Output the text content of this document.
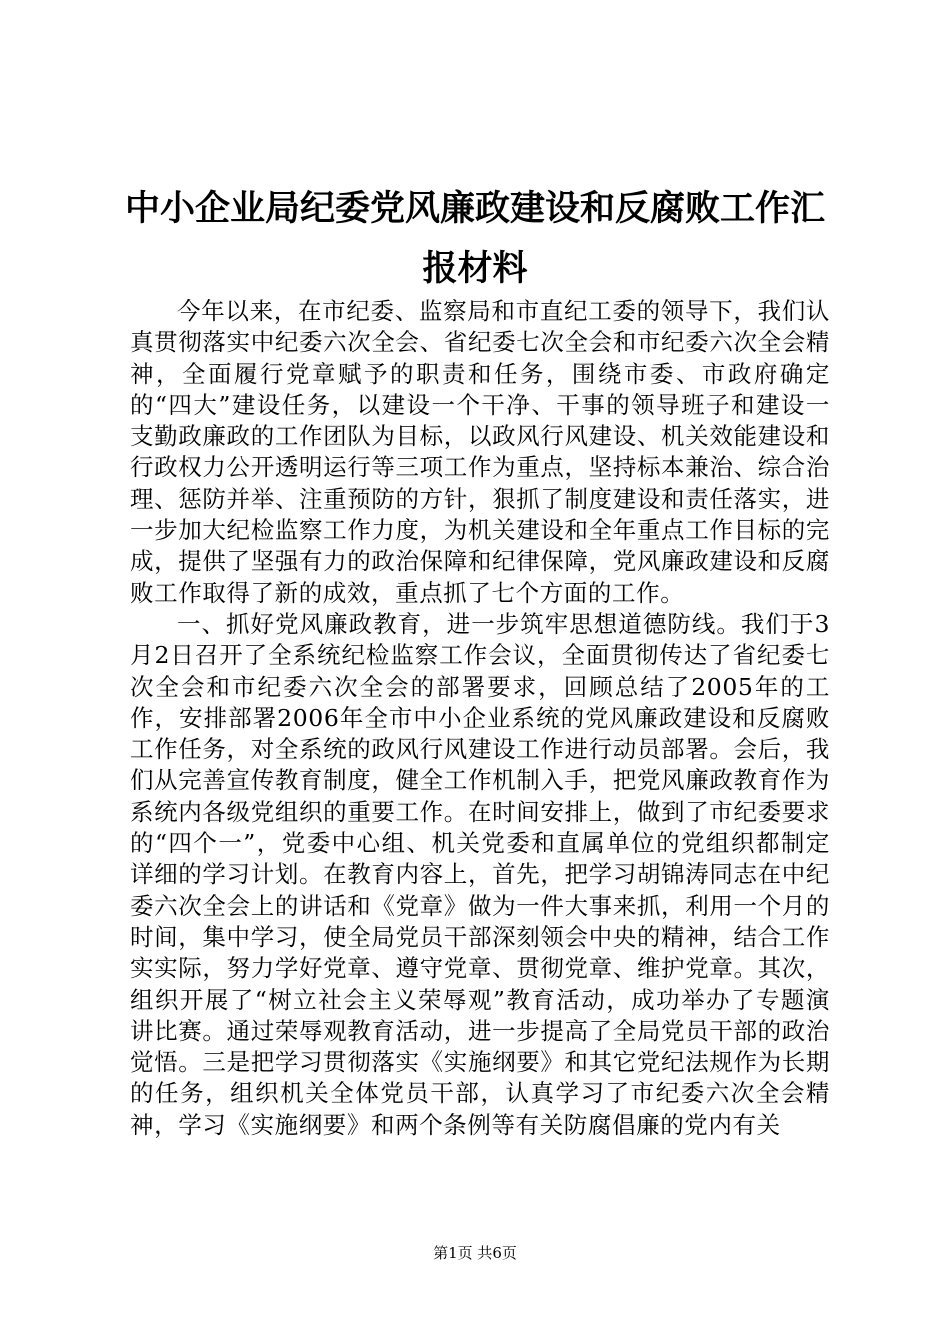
中小企业局纪委党风廉政建设和反腐败工作汇
报材料

今年以来，在市纪委、监察局和市直纪工委的领导下，我们认真贯彻落实中纪委六次全会、省纪委七次全会和市纪委六次全会精神，全面履行党章赋予的职责和任务，围绕市委、市政府确定的“四大”建设任务，以建设一个干净、干事的领导班子和建设一支勤政廉政的工作团队为目标，以政风行风建设、机关效能建设和行政权力公开透明运行等三项工作为重点，坚持标本兼治、综合治理、惩防并举、注重预防的方针，狠抓了制度建设和责任落实，进一步加大纪检监察工作力度，为机关建设和全年重点工作目标的完成，提供了坚强有力的政治保障和纪律保障，党风廉政建设和反腐败工作取得了新的成效，重点抓了七个方面的工作。

一、抓好党风廉政教育，进一步筑牢思想道德防线。我们于3月2日召开了全系统纪检监察工作会议，全面贯彻传达了省纪委七次全会和市纪委六次全会的部署要求，回顾总结了2005年的工作，安排部署2006年全市中小企业系统的党风廉政建设和反腐败工作任务，对全系统的政风行风建设工作进行动员部署。会后，我们从完善宣传教育制度，健全工作机制入手，把党风廉政教育作为系统内各级党组织的重要工作。在时间安排上，做到了市纪委要求的“四个一”，党委中心组、机关党委和直属单位的党组织都制定详细的学习计划。在教育内容上，首先，把学习胡锦涛同志在中纪委六次全会上的讲话和《党章》做为一件大事来抓，利用一个月的时间，集中学习，使全局党员干部深刻领会中央的精神，结合工作实实际，努力学好党章、遵守党章、贯彻党章、维护党章。其次，组织开展了“树立社会主义荣辱观”教育活动，成功举办了专题演讲比赛。通过荣辱观教育活动，进一步提高了全局党员干部的政治觉悟。三是把学习贯彻落实《实施纲要》和其它党纪法规作为长期的任务，组织机关全体党员干部，认真学习了市纪委六次全会精神，学习《实施纲要》和两个条例等有关防腐倡廉的党内有关

第1页 共6页
